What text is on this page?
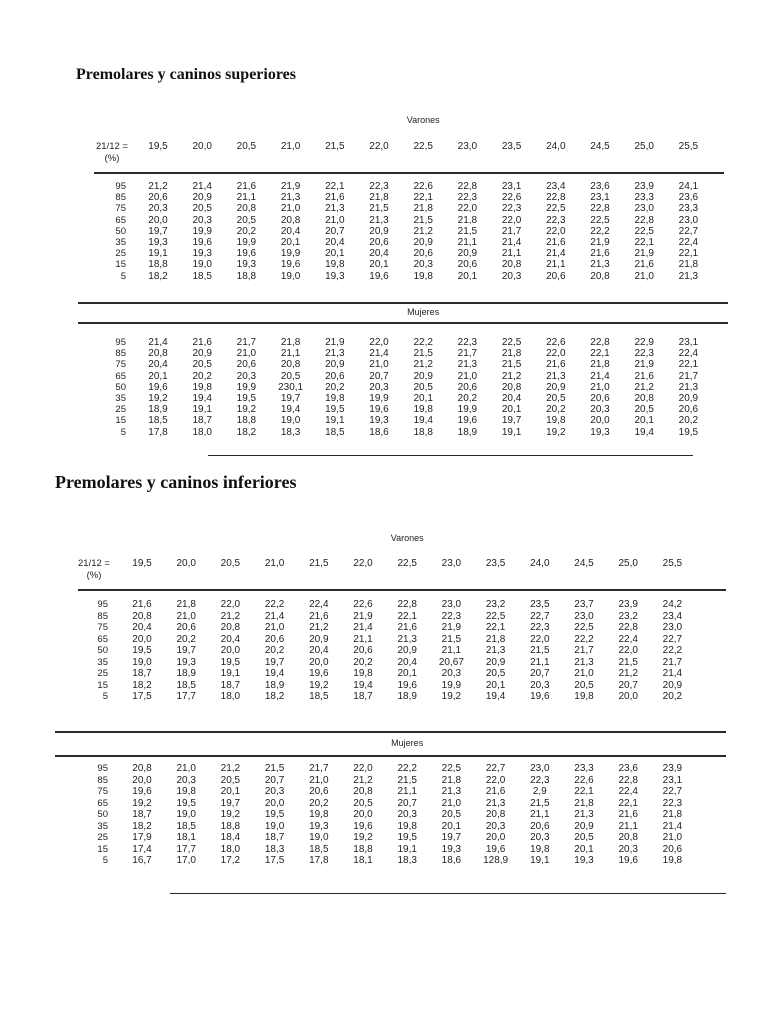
Premolares y caninos superiores
Varones
21/12 =
(%)
19,5 20,0 20,5 21,0 21,5 22,0 22,5 23,0 23,5 24,0 24,5 25,0 25,5
Mujeres
95 21,2 21,4 21,6 21,9 22,1 22,3 22,6 22,8 23,1 23,4 23,6 23,9 24,1
85 20,6 20,9 21,1 21,3 21,6 21,8 22,1 22,3 22,6 22,8 23,1 23,3 23,6
75 20,3 20,5 20,8 21,0 21,3 21,5 21,8 22,0 22,3 22,5 22,8 23,0 23,3
65 20,0 20,3 20,5 20,8 21,0 21,3 21,5 21,8 22,0 22,3 22,5 22,8 23,0
50 19,7 19,9 20,2 20,4 20,7 20,9 21,2 21,5 21,7 22,0 22,2 22,5 22,7
35 19,3 19,6 19,9 20,1 20,4 20,6 20,9 21,1 21,4 21,6 21,9 22,1 22,4
25 19,1 19,3 19,6 19,9 20,1 20,4 20,6 20,9 21,1 21,4 21,6 21,9 22,1
15 18,8 19,0 19,3 19,6 19,8 20,1 20,3 20,6 20,8 21,1 21,3 21,6 21,8
5 18,2 18,5 18,8 19,0 19,3 19,6 19,8 20,1 20,3 20,6 20,8 21,0 21,3
95 21,4 21,6 21,7 21,8 21,9 22,0 22,2 22,3 22,5 22,6 22,8 22,9 23,1
85 20,8 20,9 21,0 21,1 21,3 21,4 21,5 21,7 21,8 22,0 22,1 22,3 22,4
75 20,4 20,5 20,6 20,8 20,9 21,0 21,2 21,3 21,5 21,6 21,8 21,9 22,1
65 20,1 20,2 20,3 20,5 20,6 20,7 20,9 21,0 21,2 21,3 21,4 21,6 21,7
50 19,6 19,8 19,9 230,1 20,2 20,3 20,5 20,6 20,8 20,9 21,0 21,2 21,3
35 19,2 19,4 19,5 19,7 19,8 19,9 20,1 20,2 20,4 20,5 20,6 20,8 20,9
25 18,9 19,1 19,2 19,4 19,5 19,6 19,8 19,9 20,1 20,2 20,3 20,5 20,6
15 18,5 18,7 18,8 19,0 19,1 19,3 19,4 19,6 19,7 19,8 20,0 20,1 20,2
5 17,8 18,0 18,2 18,3 18,5 18,6 18,8 18,9 19,1 19,2 19,3 19,4 19,5
Premolares y caninos inferiores
Varones
21/12 =
(%)
19,5 20,0 20,5 21,0 21,5 22,0 22,5 23,0 23,5 24,0 24,5 25,0 25,5
Mujeres
95 21,6 21,8 22,0 22,2 22,4 22,6 22,8 23,0 23,2 23,5 23,7 23,9 24,2
85 20,8 21,0 21,2 21,4 21,6 21,9 22,1 22,3 22,5 22,7 23,0 23,2 23,4
75 20,4 20,6 20,8 21,0 21,2 21,4 21,6 21,9 22,1 22,3 22,5 22,8 23,0
65 20,0 20,2 20,4 20,6 20,9 21,1 21,3 21,5 21,8 22,0 22,2 22,4 22,7
50 19,5 19,7 20,0 20,2 20,4 20,6 20,9 21,1 21,3 21,5 21,7 22,0 22,2
35 19,0 19,3 19,5 19,7 20,0 20,2 20,4 20,67 20,9 21,1 21,3 21,5 21,7
25 18,7 18,9 19,1 19,4 19,6 19,8 20,1 20,3 20,5 20,7 21,0 21,2 21,4
15 18,2 18,5 18,7 18,9 19,2 19,4 19,6 19,9 20,1 20,3 20,5 20,7 20,9
5 17,5 17,7 18,0 18,2 18,5 18,7 18,9 19,2 19,4 19,6 19,8 20,0 20,2
95 20,8 21,0 21,2 21,5 21,7 22,0 22,2 22,5 22,7 23,0 23,3 23,6 23,9
85 20,0 20,3 20,5 20,7 21,0 21,2 21,5 21,8 22,0 22,3 22,6 22,8 23,1
75 19,6 19,8 20,1 20,3 20,6 20,8 21,1 21,3 21,6	2,9	22,1 22,4 22,7
65 19,2 19,5 19,7 20,0 20,2 20,5 20,7 21,0 21,3 21,5 21,8 22,1 22,3
50 18,7 19,0 19,2 19,5 19,8 20,0 20,3 20,5 20,8 21,1 21,3 21,6 21,8
35 18,2 18,5 18,8 19,0 19,3 19,6 19,8 20,1 20,3 20,6 20,9 21,1 21,4
25 17,9 18,1 18,4 18,7 19,0 19,2 19,5 19,7 20,0 20,3 20,5 20,8 21,0
15 17,4 17,7 18,0 18,3 18,5 18,8 19,1 19,3 19,6 19,8 20,1 20,3 20,6
5 16,7 17,0 17,2 17,5 17,8 18,1 18,3 18,6 128,9 19,1 19,3 19,6 19,8
